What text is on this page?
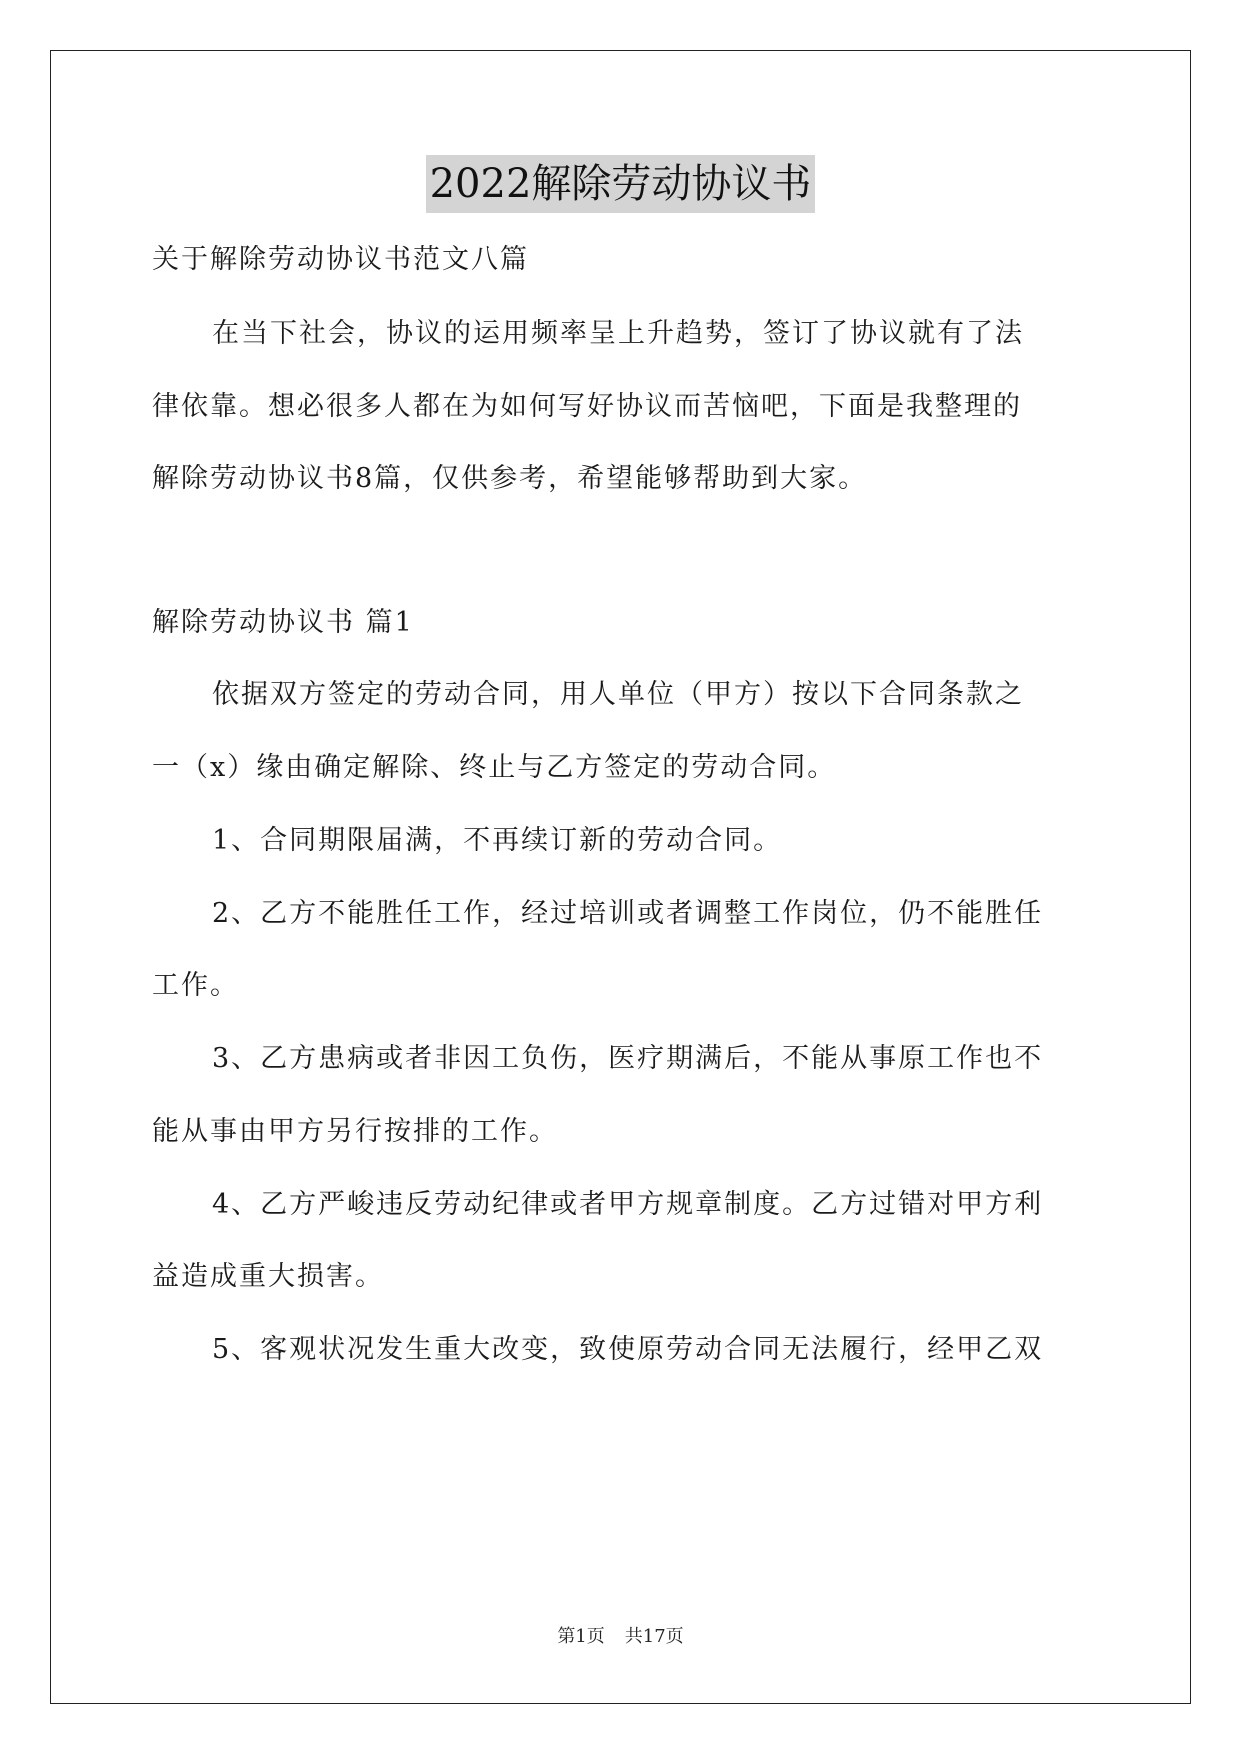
2022解除劳动协议书
关于解除劳动协议书范文八篇
在当下社会，协议的运用频率呈上升趋势，签订了协议就有了法
律依靠。想必很多人都在为如何写好协议而苦恼吧，下面是我整理的
解除劳动协议书8篇，仅供参考，希望能够帮助到大家。
解除劳动协议书 篇1
依据双方签定的劳动合同，用人单位（甲方）按以下合同条款之
一（x）缘由确定解除、终止与乙方签定的劳动合同。
1、合同期限届满，不再续订新的劳动合同。
2、乙方不能胜任工作，经过培训或者调整工作岗位，仍不能胜任
工作。
3、乙方患病或者非因工负伤，医疗期满后，不能从事原工作也不
能从事由甲方另行按排的工作。
4、乙方严峻违反劳动纪律或者甲方规章制度。乙方过错对甲方利
益造成重大损害。
5、客观状况发生重大改变，致使原劳动合同无法履行，经甲乙双
第1页 共17页
